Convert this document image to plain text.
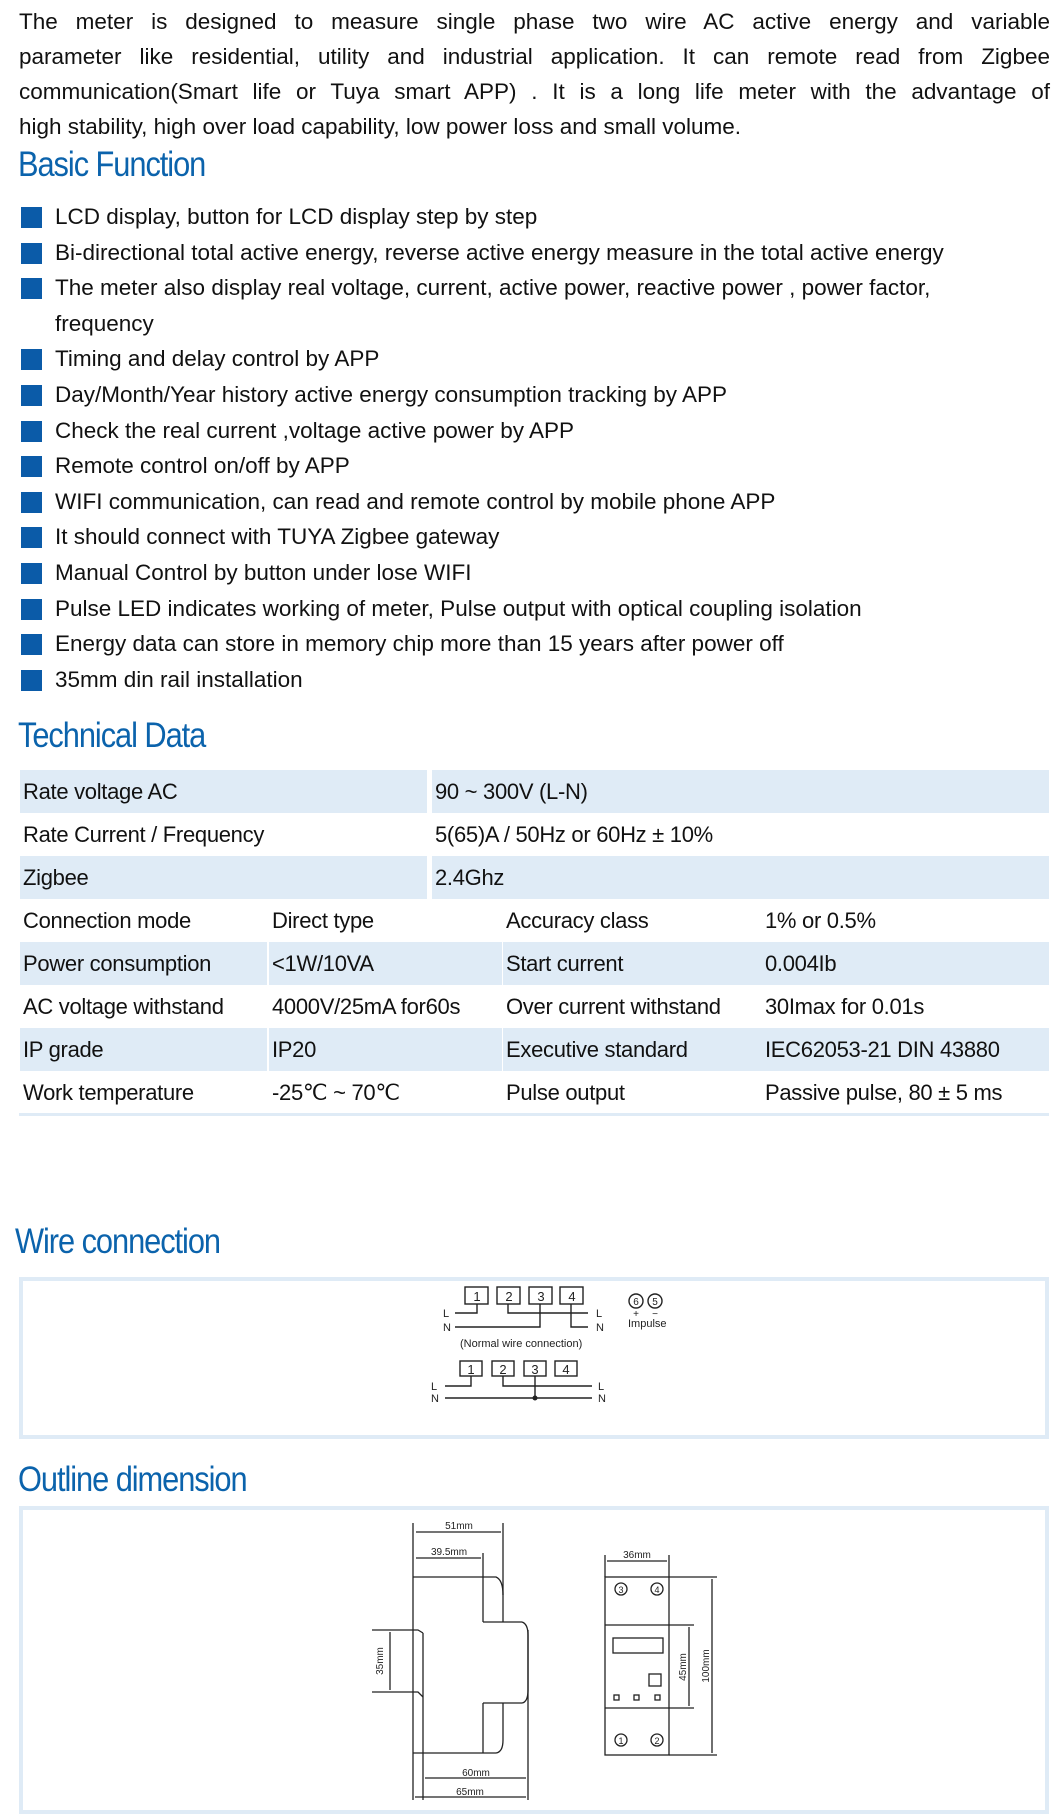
The meter is designed to measure single phase two wire AC active energy and variable
parameter like residential, utility and industrial application. It can remote read from Zigbee
communication(Smart life or Tuya smart APP) . It is a long life meter with the advantage of
high stability, high over load capability, low power loss and small volume.
Basic Function
LCD display, button for LCD display step by step
Bi-directional total active energy, reverse active energy measure in the total active energy
The meter also display real voltage, current, active power, reactive power , power factor,
frequency
Timing and delay control by APP
Day/Month/Year history active energy consumption tracking by APP
Check the real current ,voltage active power by APP
Remote control on/off by APP
WIFI communication, can read and remote control by mobile phone APP
It should connect with TUYA Zigbee gateway
Manual Control by button under lose WIFI
Pulse LED indicates working of meter, Pulse output with optical coupling isolation
Energy data can store in memory chip more than 15 years after power off
35mm din rail installation
Technical Data
Rate voltage AC	90 ~ 300V (L-N)
Rate Current / Frequency	5(65)A / 50Hz or 60Hz ± 10%
Zigbee	2.4Ghz
Connection mode	Direct type	Accuracy class	1% or 0.5%
Power consumption	<1W/10VA	Start current	0.004Ib
AC voltage withstand	4000V/25mA for60s	Over current withstand	30Imax for 0.01s
IP grade	IP20	Executive standard	IEC62053-21 DIN 43880
Work temperature	-25℃ ~ 70℃	Pulse output	Passive pulse, 80 ± 5 ms
Wire connection
1 2 3 4
1 2 3 4
6 5
+ −
L
N
L
N
L
N
L
N
Impulse
(Normal wire connection)
Outline dimension
51mm
39.5mm
60mm
65mm
35mm
36mm
45mm 100mm
3	4
1	2
